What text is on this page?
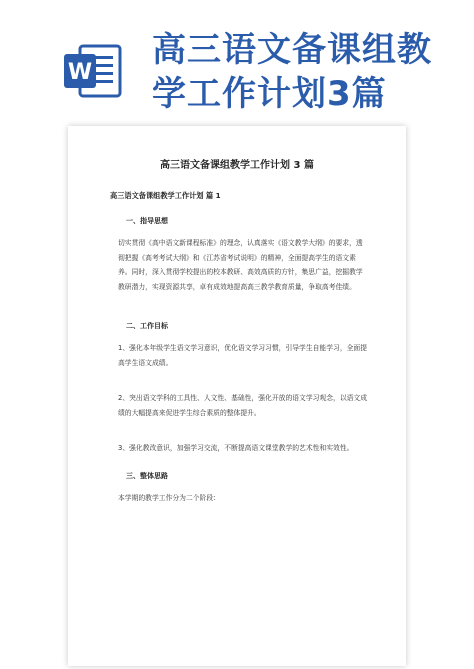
W
高三语文备课组教学工作计划3篇
高三语文备课组教学工作计划 3 篇
高三语文备课组教学工作计划 篇 1
一、指导思想
切实贯彻《高中语文新课程标准》的理念，认真落实《语文教学大纲》的要求，透彻把握《高考考试大纲》和《江苏省考试说明》的精神，全面提高学生的语文素养。同时，深入贯彻学校提出的校本教研、高效高质的方针，集思广益，挖掘教学教研潜力，实现资源共享，卓有成效地提高高三教学教育质量，争取高考佳绩。
二、工作目标
1、强化本年级学生语文学习意识，优化语文学习习惯，引导学生自能学习，全面提高学生语文成绩。
2、突出语文学科的工具性、人文性、基础性，强化开放的语文学习观念，以语文成绩的大幅提高来促进学生综合素质的整体提升。
3、强化教改意识，加强学习交流，不断提高语文课堂教学的艺术性和实效性。
三、整体思路
本学期的教学工作分为二个阶段:
